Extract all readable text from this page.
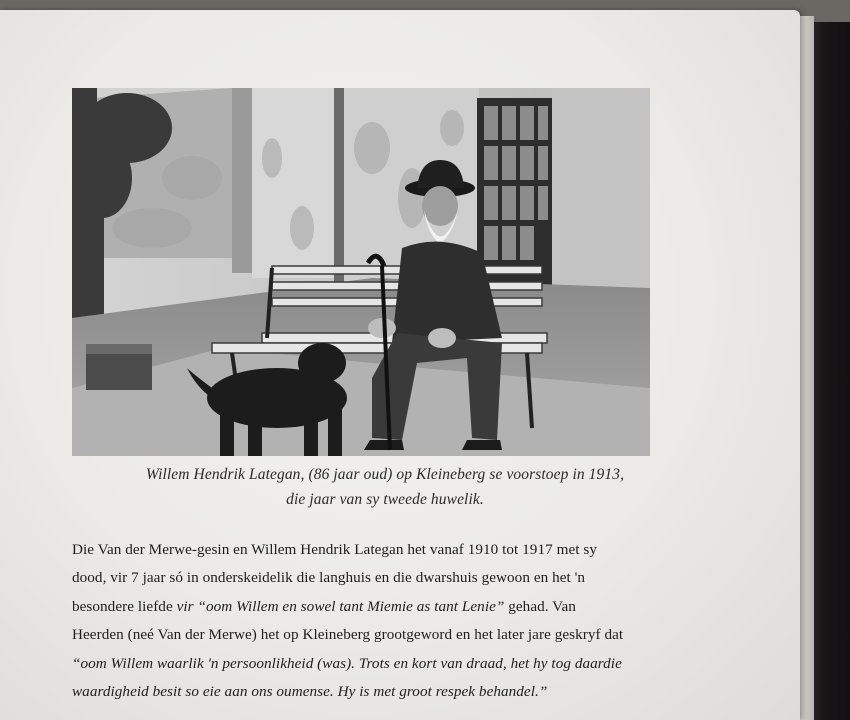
Willem Hendrik Lategan, (86 jaar oud) op Kleineberg se voorstoep in 1913,
die jaar van sy tweede huwelik.
Die Van der Merwe-gesin en Willem Hendrik Lategan het vanaf 1910 tot 1917 met sy
dood, vir 7 jaar só in onderskeidelik die langhuis en die dwarshuis gewoon en het 'n
besondere liefde vir “oom Willem en sowel tant Miemie as tant Lenie” gehad. Van
Heerden (neé Van der Merwe) het op Kleineberg grootgeword en het later jare geskryf dat
“oom Willem waarlik 'n persoonlikheid (was). Trots en kort van draad, het hy tog daardie
waardigheid besit so eie aan ons oumense. Hy is met groot respek behandel.”
